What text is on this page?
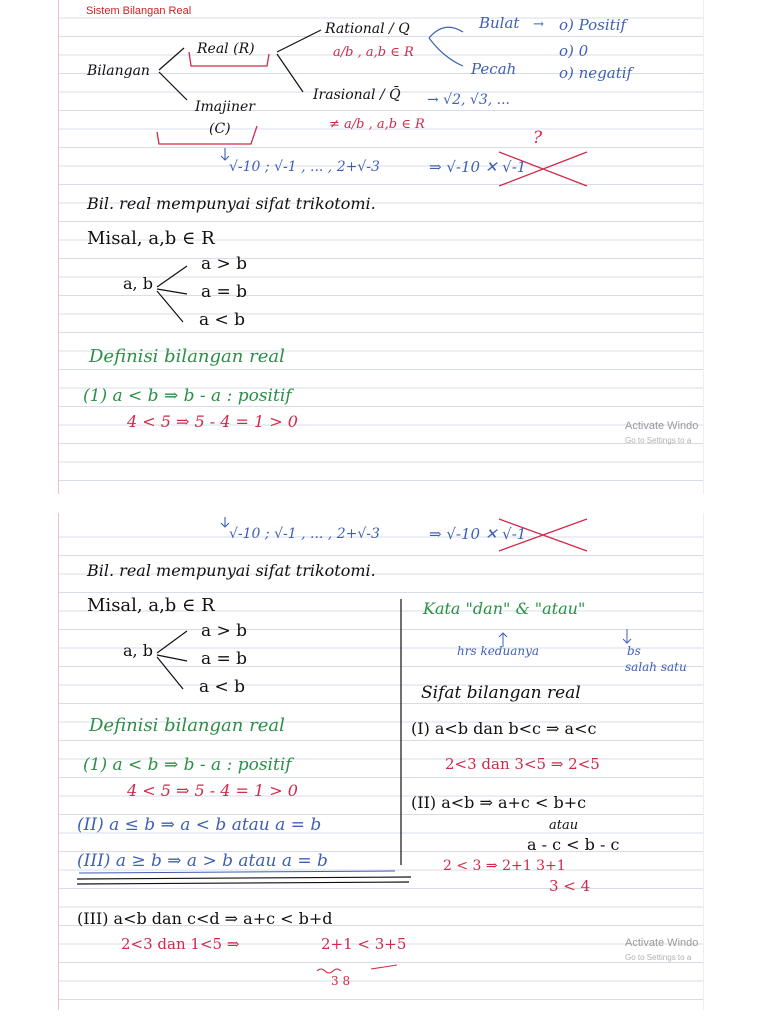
Sistem Bilangan Real
Bilangan
Real (R)
Imajiner
(C)
Rational / Q
a/b , a,b ∈ R
Irasional / Q̄ → √2, √3, ...
≠ a/b , a,b ∈ R
Bulat
Pecah
→ o) Positif
o) 0
o) negatif
√-10 ; √-1 , ... , 2+√-3	⇒ √-10 ✕ √-1
?
Bil. real mempunyai sifat trikotomi.
Misal, a,b ∈ R
a, b
a > b
a = b
a < b
Definisi bilangan real
(1) a < b ⇒ b - a : positif
4 < 5 ⇒ 5 - 4 = 1 > 0	Activate Windo
Go to Settings to a
√-10 ; √-1 , ... , 2+√-3	⇒ √-10 ✕ √-1
Bil. real mempunyai sifat trikotomi.
Misal, a,b ∈ R
a, b
a > b
a = b
a < b
Definisi bilangan real
(1) a < b ⇒ b - a : positif
4 < 5 ⇒ 5 - 4 = 1 > 0
(II) a ≤ b ⇒ a < b atau a = b
(III) a ≥ b ⇒ a > b atau a = b
Kata "dan" & "atau"
hrs keduanya	bs
salah satu
Sifat bilangan real
(I) a<b dan b<c ⇒ a<c
2<3 dan 3<5 ⇒ 2<5
(II) a<b ⇒ a+c < b+c
atau
a - c < b - c
2 < 3 ⇒ 2+1 3+1
3 < 4
(III) a<b dan c<d ⇒ a+c < b+d
2<3 dan 1<5 ⇒	2+1 < 3+5
3 8
Activate Windo
Go to Settings to a
